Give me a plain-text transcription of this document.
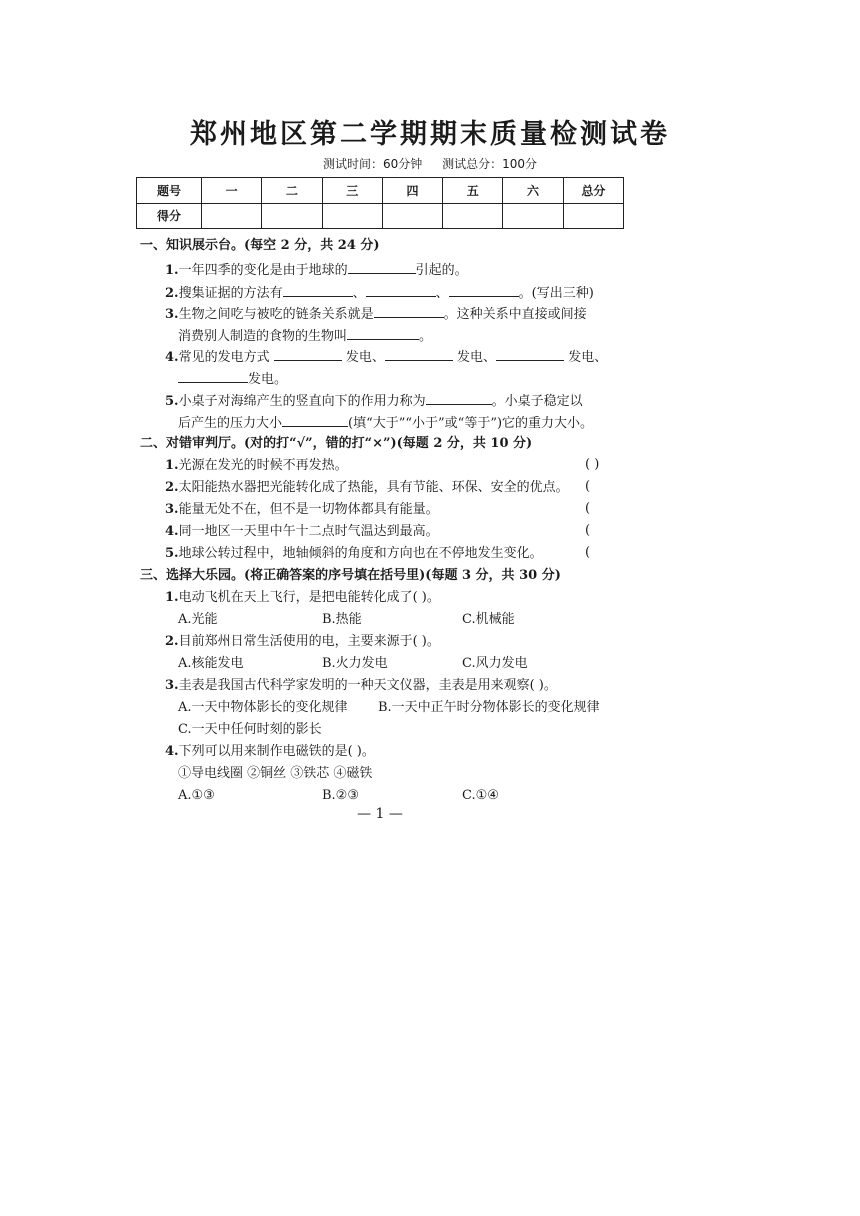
郑州地区第二学期期末质量检测试卷
测试时间：60分钟 测试总分：100分
题号	一	二	三	四	五	六	总分
得分							
一、知识展示台。(每空 2 分，共 24 分)
1.一年四季的变化是由于地球的	引起的。
2.搜集证据的方法有	、	、	。(写出三种)
3.生物之间吃与被吃的链条关系就是	。这种关系中直接或间接
消费别人制造的食物的生物叫	。
4.常见的发电方式	发电、	发电、	发电、
发电。
5.小桌子对海绵产生的竖直向下的作用力称为	。小桌子稳定以
后产生的压力大小	(填“大于”“小于”或“等于”)它的重力大小。
二、对错审判厅。(对的打“√”，错的打“×”)(每题 2 分，共 10 分)
1.光源在发光的时候不再发热。	( )
2.太阳能热水器把光能转化成了热能，具有节能、环保、安全的优点。 (
3.能量无处不在，但不是一切物体都具有能量。	(
4.同一地区一天里中午十二点时气温达到最高。	(
5.地球公转过程中，地轴倾斜的角度和方向也在不停地发生变化。	(
三、选择大乐园。(将正确答案的序号填在括号里)(每题 3 分，共 30 分)
1.电动飞机在天上飞行，是把电能转化成了( )。
A.光能	B.热能	C.机械能
2.目前郑州日常生活使用的电，主要来源于( )。
A.核能发电	B.火力发电	C.风力发电
3.圭表是我国古代科学家发明的一种天文仪器，圭表是用来观察( )。
A.一天中物体影长的变化规律 B.一天中正午时分物体影长的变化规律
C.一天中任何时刻的影长
4.下列可以用来制作电磁铁的是( )。
①导电线圈 ②铜丝 ③铁芯 ④磁铁
A.①③	B.②③	C.①④
— 1 —
